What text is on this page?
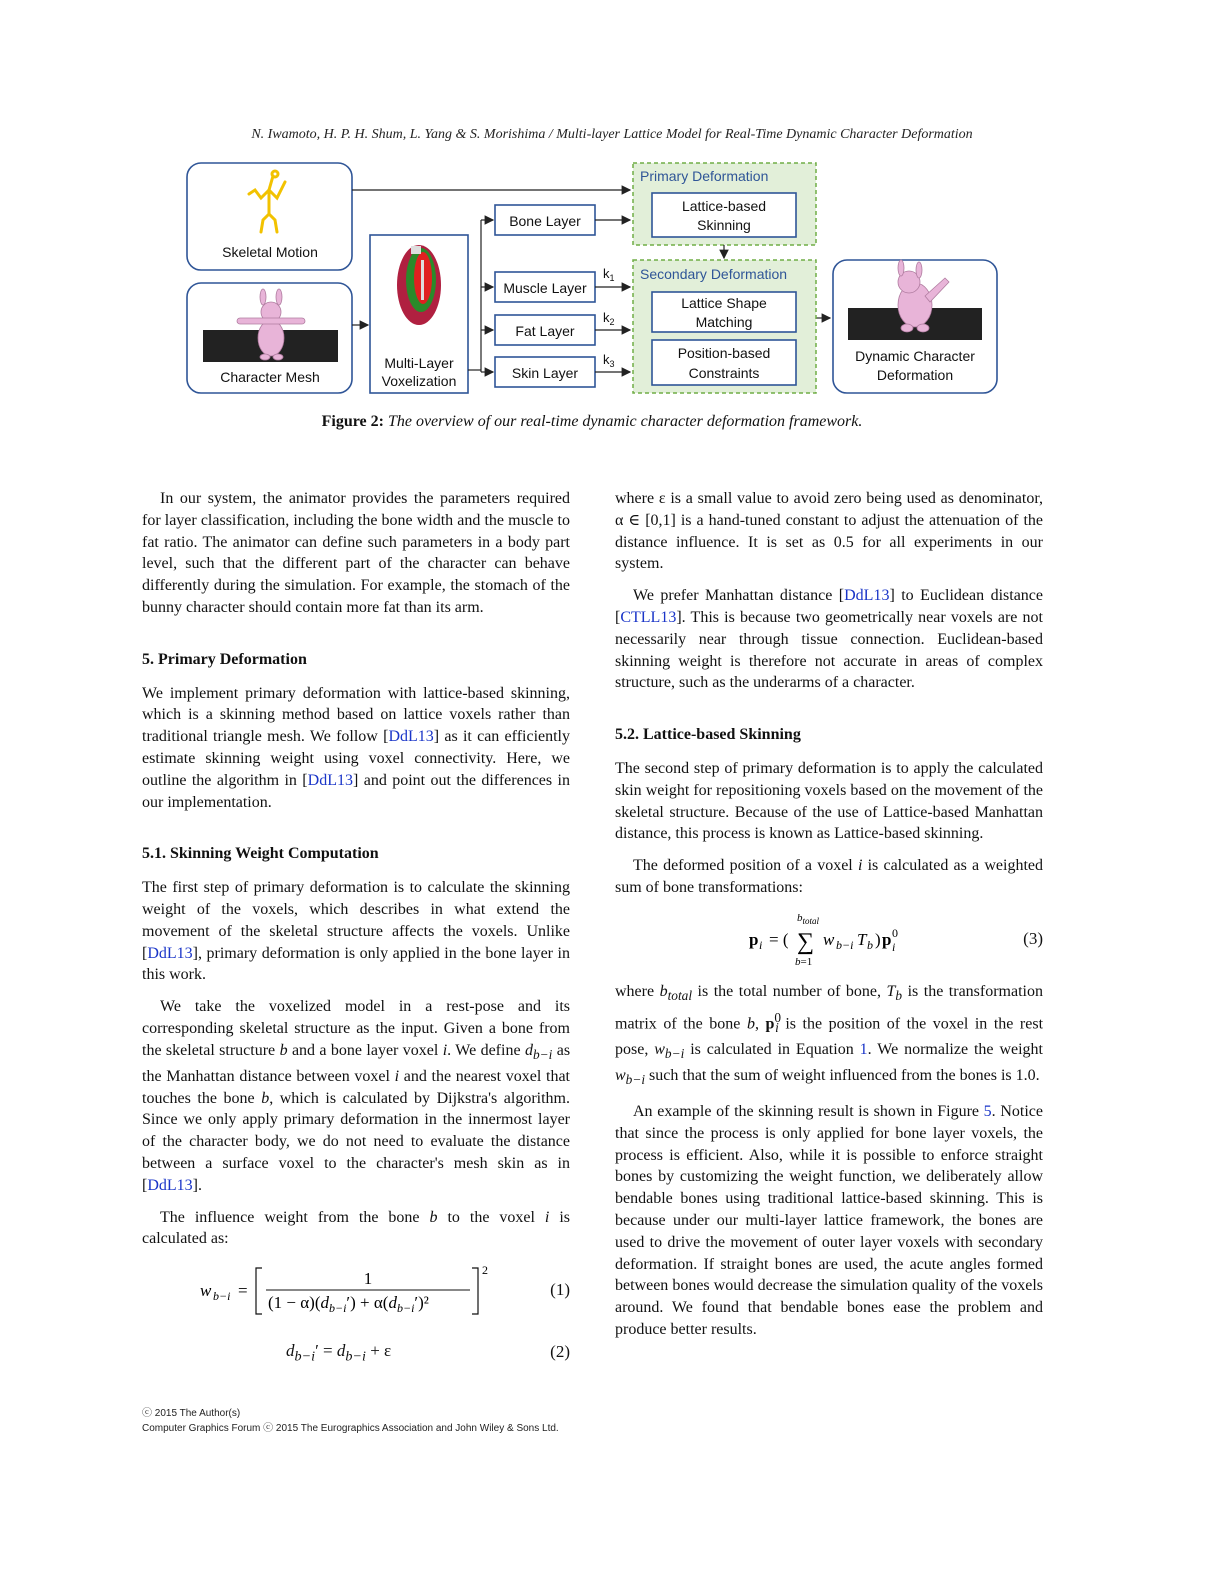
N. Iwamoto, H. P. H. Shum, L. Yang & S. Morishima / Multi-layer Lattice Model for Real-Time Dynamic Character Deformation
Skeletal Motion
Character Mesh
Multi-Layer
Voxelization
Bone Layer
Muscle Layer
Fat Layer
Skin Layer
$k_1$
$k_2$
$k_3$
Primary Deformation
Lattice-based
Skinning
Secondary Deformation
Lattice Shape
Matching
Position-based
Constraints
Dynamic Character
Deformation
Figure 2: The overview of our real-time dynamic character deformation framework.

In our system, the animator provides the parameters required for layer classification, including the bone width and the muscle to fat ratio. The animator can define such parameters in a body part level, such that the different part of the character can behave differently during the simulation. For example, the stomach of the bunny character should contain more fat than its arm.

5. Primary Deformation

We implement primary deformation with lattice-based skinning, which is a skinning method based on lattice voxels rather than traditional triangle mesh. We follow [DdL13] as it can efficiently estimate skinning weight using voxel connectivity. Here, we outline the algorithm in [DdL13] and point out the differences in our implementation.

5.1. Skinning Weight Computation

The first step of primary deformation is to calculate the skinning weight of the voxels, which describes in what extend the movement of the skeletal structure affects the voxels. Unlike [DdL13], primary deformation is only applied in the bone layer in this work.

We take the voxelized model in a rest-pose and its corresponding skeletal structure as the input. Given a bone from the skeletal structure b and a bone layer voxel i. We define $d_{b-i}$ as the Manhattan distance between voxel i and the nearest voxel that touches the bone b, which is calculated by Dijkstra's algorithm. Since we only apply primary deformation in the innermost layer of the character body, we do not need to evaluate the distance between a surface voxel to the character's mesh skin as in [DdL13].

The influence weight from the bone b to the voxel i is calculated as:

w b−i =
1
$(1 - \alpha)(d_{b-i}') + \alpha(d_{b-i}')^2$
2
(1)
$d_{b-i}' = d_{b-i} + \varepsilon$	(2)

where ε is a small value to avoid zero being used as denominator, α ∈ [0,1] is a hand-tuned constant to adjust the attenuation of the distance influence. It is set as 0.5 for all experiments in our system.

We prefer Manhattan distance [DdL13] to Euclidean distance [CTLL13]. This is because two geometrically near voxels are not necessarily near through tissue connection. Euclidean-based skinning weight is therefore not accurate in areas of complex structure, such as the underarms of a character.

5.2. Lattice-based Skinning

The second step of primary deformation is to apply the calculated skin weight for repositioning voxels based on the movement of the skeletal structure. Because of the use of Lattice-based Manhattan distance, this process is known as Lattice-based skinning.

The deformed position of a voxel i is calculated as a weighted sum of bone transformations:

p i = (
$b_{total}$
∑
b=1
w b−i T b ) p 0
i	(3)

where $b_{total}$ is the total number of bone, $T_b$ is the transformation matrix of the bone b, $p^0_i$ is the position of the voxel in the rest pose, $w_{b-i}$ is calculated in Equation 1. We normalize the weight $w_{b-i}$ such that the sum of weight influenced from the bones is 1.0.

An example of the skinning result is shown in Figure 5. Notice that since the process is only applied for bone layer voxels, the process is efficient. Also, while it is possible to enforce straight bones by customizing the weight function, we deliberately allow bendable bones using traditional lattice-based skinning. This is because under our multi-layer lattice framework, the bones are used to drive the movement of outer layer voxels with secondary deformation. If straight bones are used, the acute angles formed between bones would decrease the simulation quality of the voxels around. We found that bendable bones ease the problem and produce better results.

ⓒ 2015 The Author(s)
Computer Graphics Forum ⓒ 2015 The Eurographics Association and John Wiley & Sons Ltd.
